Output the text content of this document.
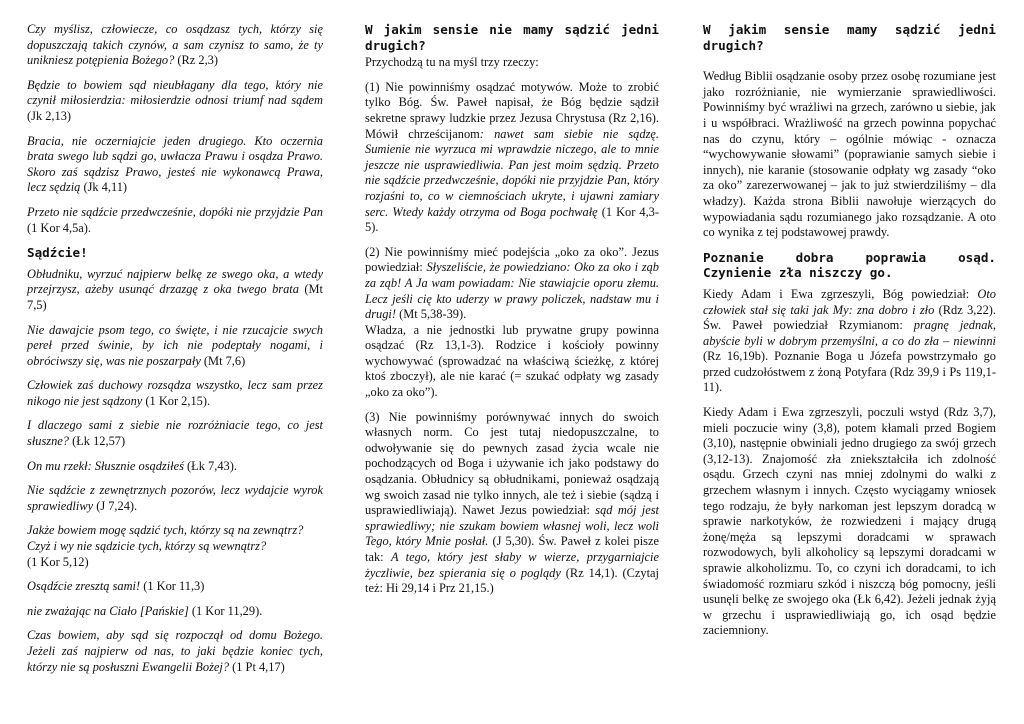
Czy myślisz, człowiecze, co osądzasz tych, którzy się dopuszczają takich czynów, a sam czynisz to samo, że ty unikniesz potępienia Bożego? (Rz 2,3)

Będzie to bowiem sąd nieubłagany dla tego, który nie czynił miłosierdzia: miłosierdzie odnosi triumf nad sądem (Jk 2,13)

Bracia, nie oczerniajcie jeden drugiego. Kto oczernia brata swego lub sądzi go, uwłacza Prawu i osądza Prawo. Skoro zaś sądzisz Prawo, jesteś nie wykonawcą Prawa, lecz sędzią (Jk 4,11)

Przeto nie sądźcie przedwcześnie, dopóki nie przyjdzie Pan (1 Kor 4,5a).

Sądźcie!

Obłudniku, wyrzuć najpierw belkę ze swego oka, a wtedy przejrzysz, ażeby usunąć drzazgę z oka twego brata (Mt 7,5)

Nie dawajcie psom tego, co święte, i nie rzucajcie swych pereł przed świnie, by ich nie podeptały nogami, i obróciwszy się, was nie poszarpały (Mt 7,6)

Człowiek zaś duchowy rozsądza wszystko, lecz sam przez nikogo nie jest sądzony (1 Kor 2,15).

I dlaczego sami z siebie nie rozróżniacie tego, co jest słuszne? (Łk 12,57)

On mu rzekł: Słusznie osądziłeś (Łk 7,43).

Nie sądźcie z zewnętrznych pozorów, lecz wydajcie wyrok sprawiedliwy (J 7,24).

Jakże bowiem mogę sądzić tych, którzy są na zewnątrz? Czyż i wy nie sądzicie tych, którzy są wewnątrz?
(1 Kor 5,12)

Osądźcie zresztą sami! (1 Kor 11,3)

nie zważając na Ciało [Pańskie] (1 Kor 11,29).

Czas bowiem, aby sąd się rozpoczął od domu Bożego. Jeżeli zaś najpierw od nas, to jaki będzie koniec tych, którzy nie są posłuszni Ewangelii Bożej? (1 Pt 4,17)

W jakim sensie nie mamy sądzić jedni drugich?

Przychodzą tu na myśl trzy rzeczy:

(1) Nie powinniśmy osądzać motywów. Może to zrobić tylko Bóg. Św. Paweł napisał, że Bóg będzie sądził sekretne sprawy ludzkie przez Jezusa Chrystusa (Rz 2,16). Mówił chrześcijanom: nawet sam siebie nie sądzę. Sumienie nie wyrzuca mi wprawdzie niczego, ale to mnie jeszcze nie usprawiedliwia. Pan jest moim sędzią. Przeto nie sądźcie przedwcześnie, dopóki nie przyjdzie Pan, który rozjaśni to, co w ciemnościach ukryte, i ujawni zamiary serc. Wtedy każdy otrzyma od Boga pochwałę (1 Kor 4,3-5).

(2) Nie powinniśmy mieć podejścia „oko za oko”. Jezus powiedział: Słyszeliście, że powiedziano: Oko za oko i ząb za ząb! A Ja wam powiadam: Nie stawiajcie oporu złemu. Lecz jeśli cię kto uderzy w prawy policzek, nadstaw mu i drugi! (Mt 5,38-39).

Władza, a nie jednostki lub prywatne grupy powinna osądzać (Rz 13,1-3). Rodzice i kościoły powinny wychowywać (sprowadzać na właściwą ścieżkę, z której ktoś zboczył), ale nie karać (= szukać odpłaty wg zasady „oko za oko”).

(3) Nie powinniśmy porównywać innych do swoich własnych norm. Co jest tutaj niedopuszczalne, to odwoływanie się do pewnych zasad życia wcale nie pochodzących od Boga i używanie ich jako podstawy do osądzania. Obłudnicy są obłudnikami, ponieważ osądzają wg swoich zasad nie tylko innych, ale też i siebie (sądzą i usprawiedliwiają). Nawet Jezus powiedział: sąd mój jest sprawiedliwy; nie szukam bowiem własnej woli, lecz woli Tego, który Mnie posłał. (J 5,30). Św. Paweł z kolei pisze tak: A tego, który jest słaby w wierze, przygarniajcie życzliwie, bez spierania się o poglądy (Rz 14,1). (Czytaj też: Hi 29,14 i Prz 21,15.)

W jakim sensie mamy sądzić jedni drugich?

Według Biblii osądzanie osoby przez osobę rozumiane jest jako rozróżnianie, nie wymierzanie sprawiedliwości. Powinniśmy być wrażliwi na grzech, zarówno u siebie, jak i u współbraci. Wrażliwość na grzech powinna popychać nas do czynu, który – ogólnie mówiąc - oznacza “wychowywanie słowami” (poprawianie samych siebie i innych), nie karanie (stosowanie odpłaty wg zasady “oko za oko” zarezerwowanej – jak to już stwierdziliśmy – dla władzy). Każda strona Biblii nawołuje wierzących do wypowiadania sądu rozumianego jako rozsądzanie. A oto co wynika z tej podstawowej prawdy.

Poznanie dobra poprawia osąd. Czynienie zła niszczy go.

Kiedy Adam i Ewa zgrzeszyli, Bóg powiedział: Oto człowiek stał się taki jak My: zna dobro i zło (Rdz 3,22). Św. Paweł powiedział Rzymianom: pragnę jednak, abyście byli w dobrym przemyślni, a co do zła – niewinni (Rz 16,19b). Poznanie Boga u Józefa powstrzymało go przed cudzołóstwem z żoną Potyfara (Rdz 39,9 i Ps 119,1-11).

Kiedy Adam i Ewa zgrzeszyli, poczuli wstyd (Rdz 3,7), mieli poczucie winy (3,8), potem kłamali przed Bogiem (3,10), następnie obwiniali jedno drugiego za swój grzech (3,12-13). Znajomość zła zniekształciła ich zdolność osądu. Grzech czyni nas mniej zdolnymi do walki z grzechem własnym i innych. Często wyciągamy wniosek tego rodzaju, że były narkoman jest lepszym doradcą w sprawie narkotyków, że rozwiedzeni i mający drugą żonę/męża są lepszymi doradcami w sprawach rozwodowych, byli alkoholicy są lepszymi doradcami w sprawie alkoholizmu. To, co czyni ich doradcami, to ich świadomość rozmiaru szkód i niszczą bóg pomocny, jeśli usunęli belkę ze swojego oka (Łk 6,42). Jeżeli jednak żyją w grzechu i usprawiedliwiają go, ich osąd będzie zaciemniony.
